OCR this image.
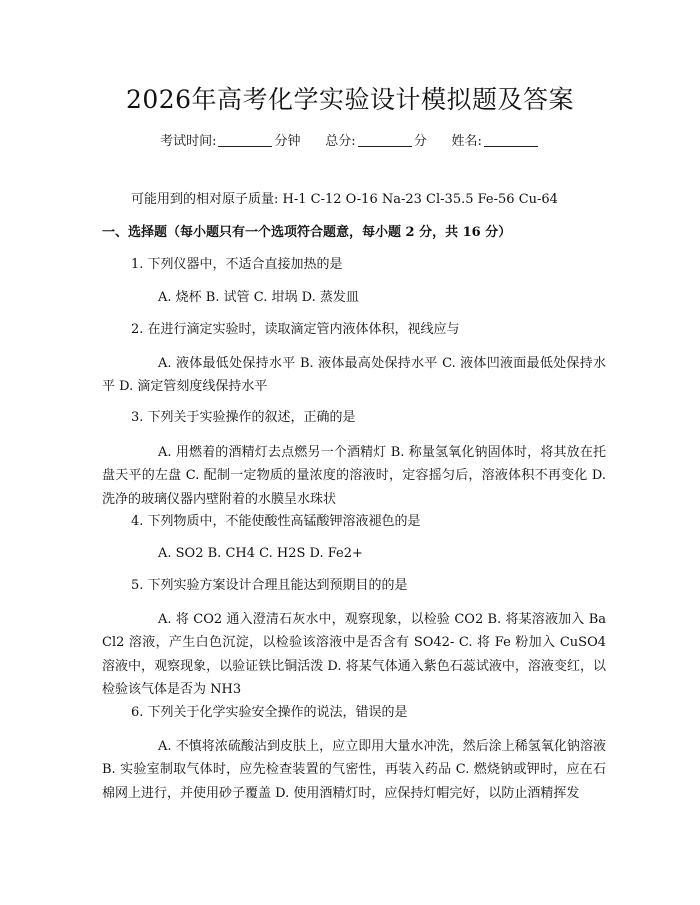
2026年高考化学实验设计模拟题及答案
考试时间:	分钟 总分:	分 姓名:
可能用到的相对原子质量: H-1 C-12 O-16 Na-23 Cl-35.5 Fe-56 Cu-64
一、选择题（每小题只有一个选项符合题意，每小题 2 分，共 16 分）
1. 下列仪器中，不适合直接加热的是
A. 烧杯 B. 试管 C. 坩埚 D. 蒸发皿
2. 在进行滴定实验时，读取滴定管内液体体积，视线应与
A. 液体最低处保持水平 B. 液体最高处保持水平 C. 液体凹液面最低处保持水平 D. 滴定管刻度线保持水平
3. 下列关于实验操作的叙述，正确的是
A. 用燃着的酒精灯去点燃另一个酒精灯 B. 称量氢氧化钠固体时，将其放在托盘天平的左盘 C. 配制一定物质的量浓度的溶液时，定容摇匀后，溶液体积不再变化 D. 洗净的玻璃仪器内壁附着的水膜呈水珠状
4. 下列物质中，不能使酸性高锰酸钾溶液褪色的是
A. SO2 B. CH4 C. H2S D. Fe2+
5. 下列实验方案设计合理且能达到预期目的的是
A. 将 CO2 通入澄清石灰水中，观察现象，以检验 CO2 B. 将某溶液加入 BaCl2 溶液，产生白色沉淀，以检验该溶液中是否含有 SO42- C. 将 Fe 粉加入 CuSO4 溶液中，观察现象，以验证铁比铜活泼 D. 将某气体通入紫色石蕊试液中，溶液变红，以检验该气体是否为 NH3
6. 下列关于化学实验安全操作的说法，错误的是
A. 不慎将浓硫酸沾到皮肤上，应立即用大量水冲洗，然后涂上稀氢氧化钠溶液 B. 实验室制取气体时，应先检查装置的气密性，再装入药品 C. 燃烧钠或钾时，应在石棉网上进行，并使用砂子覆盖 D. 使用酒精灯时，应保持灯帽完好，以防止酒精挥发
